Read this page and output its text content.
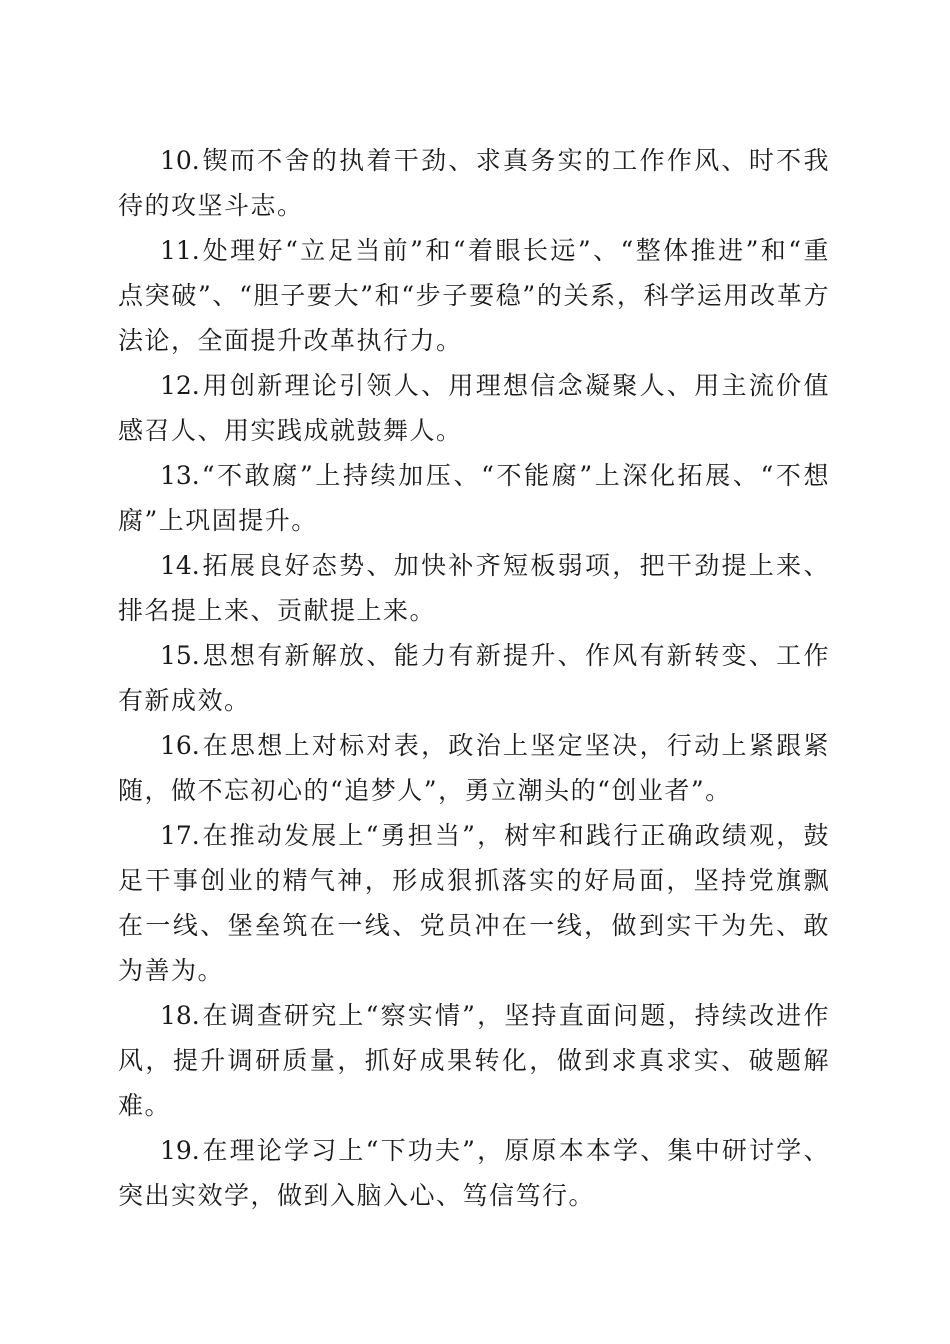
10.锲而不舍的执着干劲、求真务实的工作作风、时不我待的攻坚斗志。

11.处理好“立足当前”和“着眼长远”、“整体推进”和“重点突破”、“胆子要大”和“步子要稳”的关系，科学运用改革方法论，全面提升改革执行力。

12.用创新理论引领人、用理想信念凝聚人、用主流价值感召人、用实践成就鼓舞人。

13.“不敢腐”上持续加压、“不能腐”上深化拓展、“不想腐”上巩固提升。

14.拓展良好态势、加快补齐短板弱项，把干劲提上来、排名提上来、贡献提上来。

15.思想有新解放、能力有新提升、作风有新转变、工作有新成效。

16.在思想上对标对表，政治上坚定坚决，行动上紧跟紧随，做不忘初心的“追梦人”，勇立潮头的“创业者”。

17.在推动发展上“勇担当”，树牢和践行正确政绩观，鼓足干事创业的精气神，形成狠抓落实的好局面，坚持党旗飘在一线、堡垒筑在一线、党员冲在一线，做到实干为先、敢为善为。

18.在调查研究上“察实情”，坚持直面问题，持续改进作风，提升调研质量，抓好成果转化，做到求真求实、破题解难。

19.在理论学习上“下功夫”，原原本本学、集中研讨学、突出实效学，做到入脑入心、笃信笃行。
